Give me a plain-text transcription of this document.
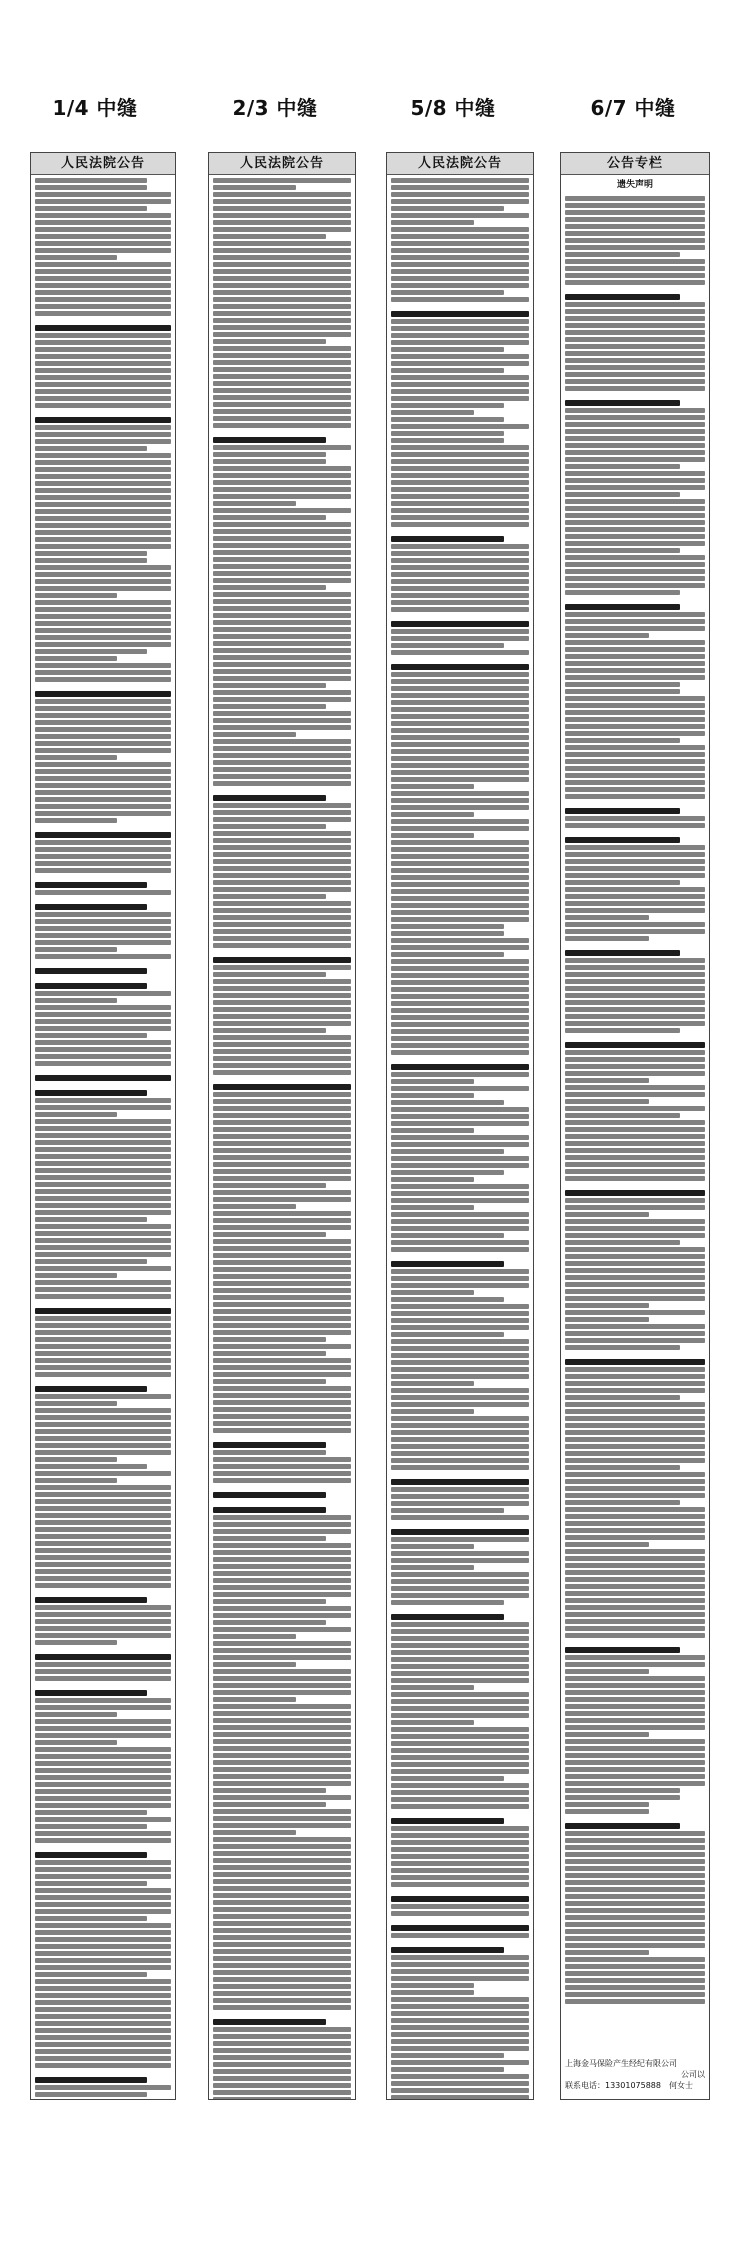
1/4 中缝	2/3 中缝	5/8 中缝	6/7 中缝
人民法院公告	人民法院公告	人民法院公告	公告专栏
遗失声明
上海金马保险产生经纪有限公司
公司以
联系电话：13301075888　何女士
